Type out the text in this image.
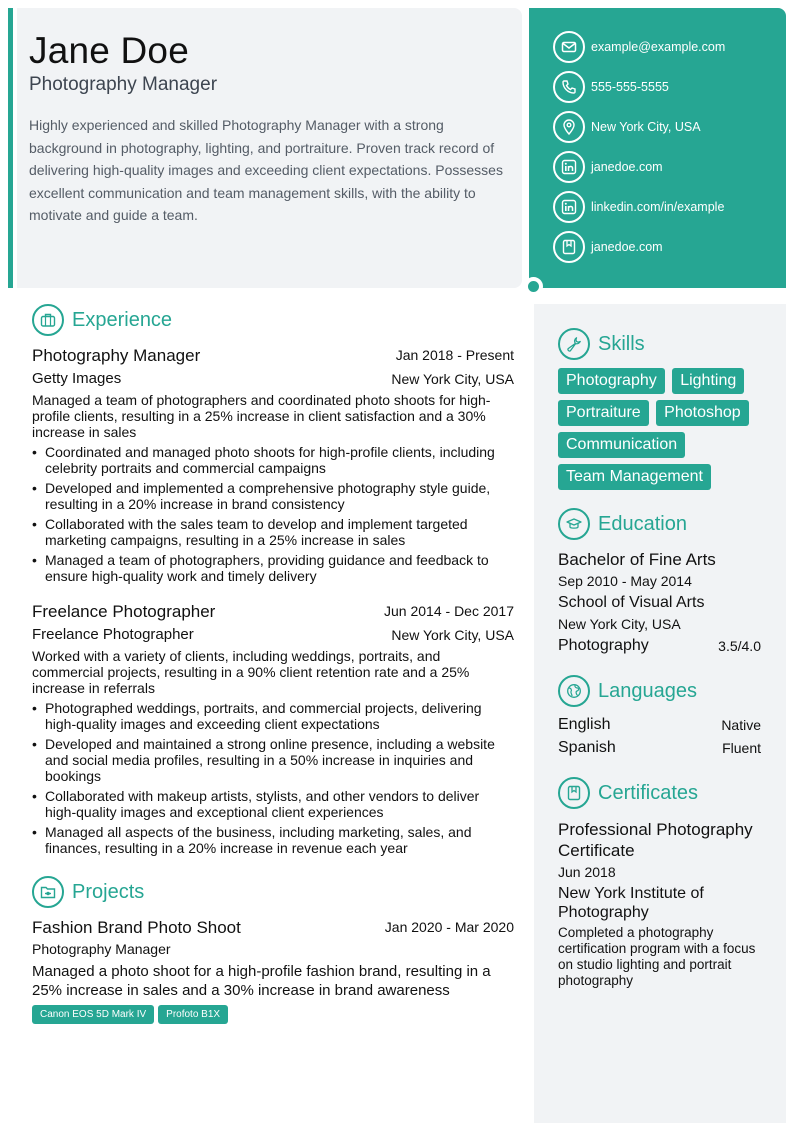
Jane Doe
Photography Manager
Highly experienced and skilled Photography Manager with a strong background in photography, lighting, and portraiture. Proven track record of delivering high-quality images and exceeding client expectations. Possesses excellent communication and team management skills, with the ability to motivate and guide a team.
example@example.com
555-555-5555
New York City, USA
janedoe.com
linkedin.com/in/example
janedoe.com
Experience
Photography Manager	Jan 2018 - Present
Getty Images	New York City, USA
Managed a team of photographers and coordinated photo shoots for high-profile clients, resulting in a 25% increase in client satisfaction and a 30% increase in sales
• Coordinated and managed photo shoots for high-profile clients, including celebrity portraits and commercial campaigns
• Developed and implemented a comprehensive photography style guide, resulting in a 20% increase in brand consistency
• Collaborated with the sales team to develop and implement targeted marketing campaigns, resulting in a 25% increase in sales
• Managed a team of photographers, providing guidance and feedback to ensure high-quality work and timely delivery
Freelance Photographer	Jun 2014 - Dec 2017
Freelance Photographer	New York City, USA
Worked with a variety of clients, including weddings, portraits, and commercial projects, resulting in a 90% client retention rate and a 25% increase in referrals
• Photographed weddings, portraits, and commercial projects, delivering high-quality images and exceeding client expectations
• Developed and maintained a strong online presence, including a website and social media profiles, resulting in a 50% increase in inquiries and bookings
• Collaborated with makeup artists, stylists, and other vendors to deliver high-quality images and exceptional client experiences
• Managed all aspects of the business, including marketing, sales, and finances, resulting in a 20% increase in revenue each year
Projects
Fashion Brand Photo Shoot	Jan 2020 - Mar 2020
Photography Manager
Managed a photo shoot for a high-profile fashion brand, resulting in a 25% increase in sales and a 30% increase in brand awareness
Canon EOS 5D Mark IV Profoto B1X
Skills
Photography Lighting Portraiture Photoshop Communication Team Management
Education
Bachelor of Fine Arts
Sep 2010 - May 2014
School of Visual Arts
New York City, USA
Photography	3.5/4.0
Languages
English	Native
Spanish	Fluent
Certificates
Professional Photography Certificate
Jun 2018
New York Institute of Photography
Completed a photography certification program with a focus on studio lighting and portrait photography
